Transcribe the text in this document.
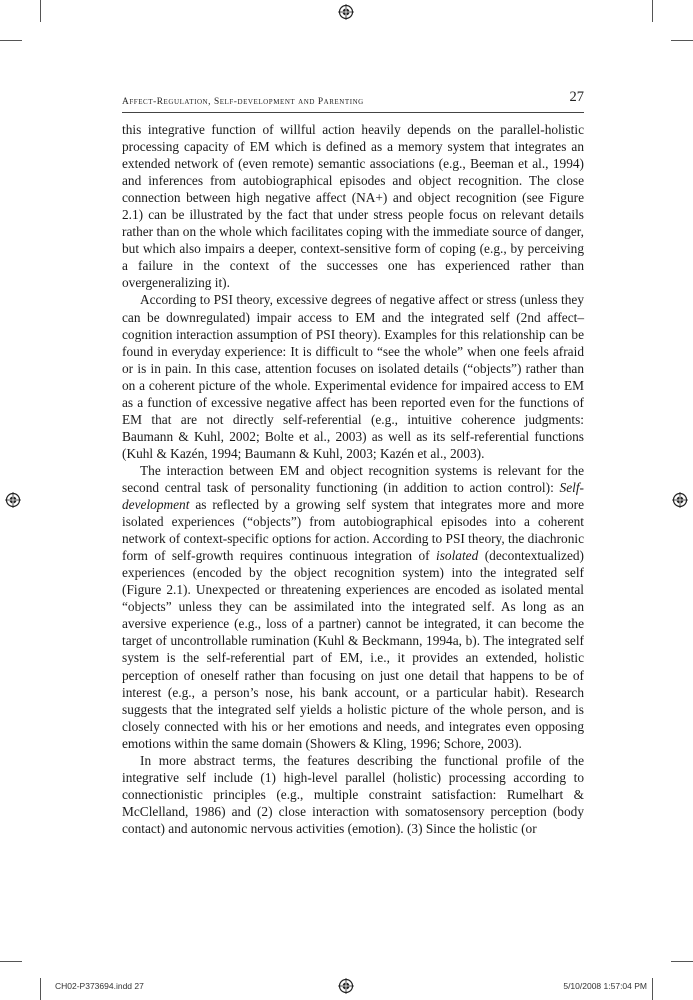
Affect-Regulation, Self-development and Parenting	27

this integrative function of willful action heavily depends on the parallel-holistic processing capacity of EM which is defined as a memory system that integrates an extended network of (even remote) semantic associations (e.g., Beeman et al., 1994) and inferences from autobiographical episodes and object recognition. The close connection between high negative affect (NA+) and object recognition (see Figure 2.1) can be illustrated by the fact that under stress people focus on relevant details rather than on the whole which facilitates coping with the immediate source of danger, but which also impairs a deeper, context-sensitive form of coping (e.g., by perceiving a failure in the context of the successes one has experienced rather than overgeneralizing it).

According to PSI theory, excessive degrees of negative affect or stress (unless they can be downregulated) impair access to EM and the integrated self (2nd affect–cognition interaction assumption of PSI theory). Examples for this relationship can be found in everyday experience: It is difficult to “see the whole” when one feels afraid or is in pain. In this case, attention focuses on isolated details (“objects”) rather than on a coherent picture of the whole. Experimental evidence for impaired access to EM as a function of excessive negative affect has been reported even for the functions of EM that are not directly self-referential (e.g., intuitive coherence judgments: Baumann & Kuhl, 2002; Bolte et al., 2003) as well as its self-referential functions (Kuhl & Kazén, 1994; Baumann & Kuhl, 2003; Kazén et al., 2003).

The interaction between EM and object recognition systems is relevant for the second central task of personality functioning (in addition to action control): Self-development as reflected by a growing self system that integrates more and more isolated experiences (“objects”) from autobiographical episodes into a coherent network of context-specific options for action. According to PSI theory, the diachronic form of self-growth requires continuous integration of isolated (decontextualized) experiences (encoded by the object recognition system) into the integrated self (Figure 2.1). Unexpected or threatening experiences are encoded as isolated mental “objects” unless they can be assimilated into the integrated self. As long as an aversive experience (e.g., loss of a partner) cannot be integrated, it can become the target of uncontrollable rumination (Kuhl & Beckmann, 1994a, b). The integrated self system is the self-referential part of EM, i.e., it provides an extended, holistic perception of oneself rather than focusing on just one detail that happens to be of interest (e.g., a person’s nose, his bank account, or a particular habit). Research suggests that the integrated self yields a holistic picture of the whole person, and is closely connected with his or her emotions and needs, and integrates even opposing emotions within the same domain (Showers & Kling, 1996; Schore, 2003).

In more abstract terms, the features describing the functional profile of the integrative self include (1) high-level parallel (holistic) processing according to connectionistic principles (e.g., multiple constraint satisfaction: Rumelhart & McClelland, 1986) and (2) close interaction with somatosensory perception (body contact) and autonomic nervous activities (emotion). (3) Since the holistic (or

CH02-P373694.indd 27	5/10/2008 1:57:04 PM
